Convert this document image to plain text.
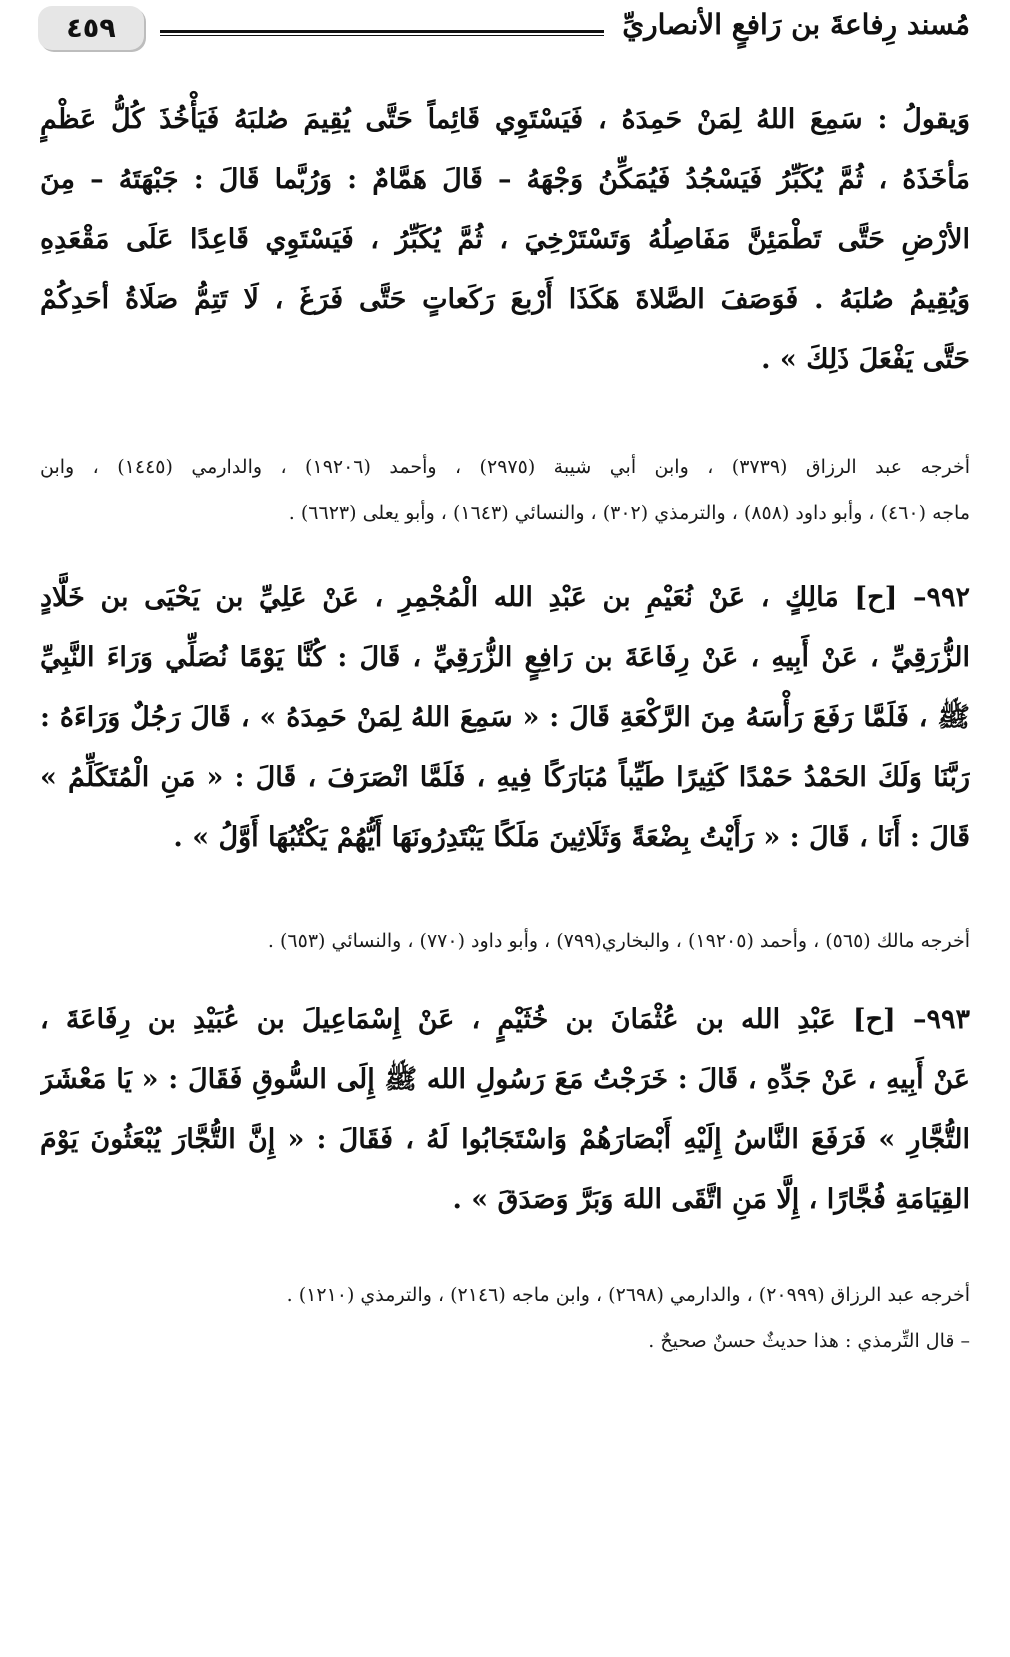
٤٥٩	مُسند رِفاعةَ بن رَافعٍ الأنصاريِّ
وَيقولُ : سَمِعَ اللهُ لِمَنْ حَمِدَهُ ، فَيَسْتَوِي قَائِماً حَتَّى يُقِيمَ صُلبَهُ فَيَأْخُذَ كُلُّ عَظْمٍ
مَأخَذَهُ ، ثُمَّ يُكَبِّرُ فَيَسْجُدُ فَيُمَكِّنُ وَجْهَهُ – قَالَ هَمَّامٌ : وَرُبَّما قَالَ : جَبْهَتَهُ – مِنَ
الأرْضِ حَتَّى تَطْمَئِنَّ مَفَاصِلُهُ وَتَسْتَرْخِيَ ، ثُمَّ يُكَبِّرُ ، فَيَسْتَوِي قَاعِدًا عَلَى مَقْعَدِهِ
وَيُقِيمُ صُلبَهُ . فَوَصَفَ الصَّلاةَ هَكَذَا أَرْبعَ رَكَعاتٍ حَتَّى فَرَغَ ، لَا تَتِمُّ صَلَاةُ أحَدِكُمْ
حَتَّى يَفْعَلَ ذَلِكَ » .
أخرجه عبد الرزاق (٣٧٣٩) ، وابن أبي شيبة (٢٩٧٥) ، وأحمد (١٩٢٠٦) ، والدارمي (١٤٤٥) ، وابن
ماجه (٤٦٠) ، وأبو داود (٨٥٨) ، والترمذي (٣٠٢) ، والنسائي (١٦٤٣) ، وأبو يعلى (٦٦٢٣) .
٩٩٢– [ح] مَالِكٍ ، عَنْ نُعَيْمِ بن عَبْدِ الله الْمُجْمِرِ ، عَنْ عَلِيِّ بن يَحْيَى بن خَلَّادٍ
الزُّرَقِيِّ ، عَنْ أَبِيهِ ، عَنْ رِفَاعَةَ بن رَافِعٍ الزُّرَقِيِّ ، قَالَ : كُنَّا يَوْمًا نُصَلِّي وَرَاءَ النَّبِيِّ
ﷺ ، فَلَمَّا رَفَعَ رَأْسَهُ مِنَ الرَّكْعَةِ قَالَ : « سَمِعَ اللهُ لِمَنْ حَمِدَهُ » ، قَالَ رَجُلٌ وَرَاءَهُ :
رَبَّنَا وَلَكَ الحَمْدُ حَمْدًا كَثِيرًا طَيِّباً مُبَارَكًا فِيهِ ، فَلَمَّا انْصَرَفَ ، قَالَ : « مَنِ الْمُتَكَلِّمُ »
قَالَ : أَنَا ، قَالَ : « رَأَيْتُ بِضْعَةً وَثَلَاثِينَ مَلَكًا يَبْتَدِرُونَهَا أَيُّهُمْ يَكْتُبُهَا أَوَّلُ » .
أخرجه مالك (٥٦٥) ، وأحمد (١٩٢٠٥) ، والبخاري(٧٩٩) ، وأبو داود (٧٧٠) ، والنسائي (٦٥٣) .
٩٩٣– [ح] عَبْدِ الله بن عُثْمَانَ بن خُثَيْمٍ ، عَنْ إِسْمَاعِيلَ بن عُبَيْدِ بن رِفَاعَةَ ،
عَنْ أَبِيهِ ، عَنْ جَدِّهِ ، قَالَ : خَرَجْتُ مَعَ رَسُولِ الله ﷺ إِلَى السُّوقِ فَقَالَ : « يَا مَعْشَرَ
التُّجَّارِ » فَرَفَعَ النَّاسُ إِلَيْهِ أَبْصَارَهُمْ وَاسْتَجَابُوا لَهُ ، فَقَالَ : « إِنَّ التُّجَّارَ يُبْعَثُونَ يَوْمَ
القِيَامَةِ فُجَّارًا ، إِلَّا مَنِ اتَّقَى اللهَ وَبَرَّ وَصَدَقَ » .
أخرجه عبد الرزاق (٢٠٩٩٩) ، والدارمي (٢٦٩٨) ، وابن ماجه (٢١٤٦) ، والترمذي (١٢١٠) .
– قال التِّرمذي : هذا حديثٌ حسنٌ صحيحٌ .
